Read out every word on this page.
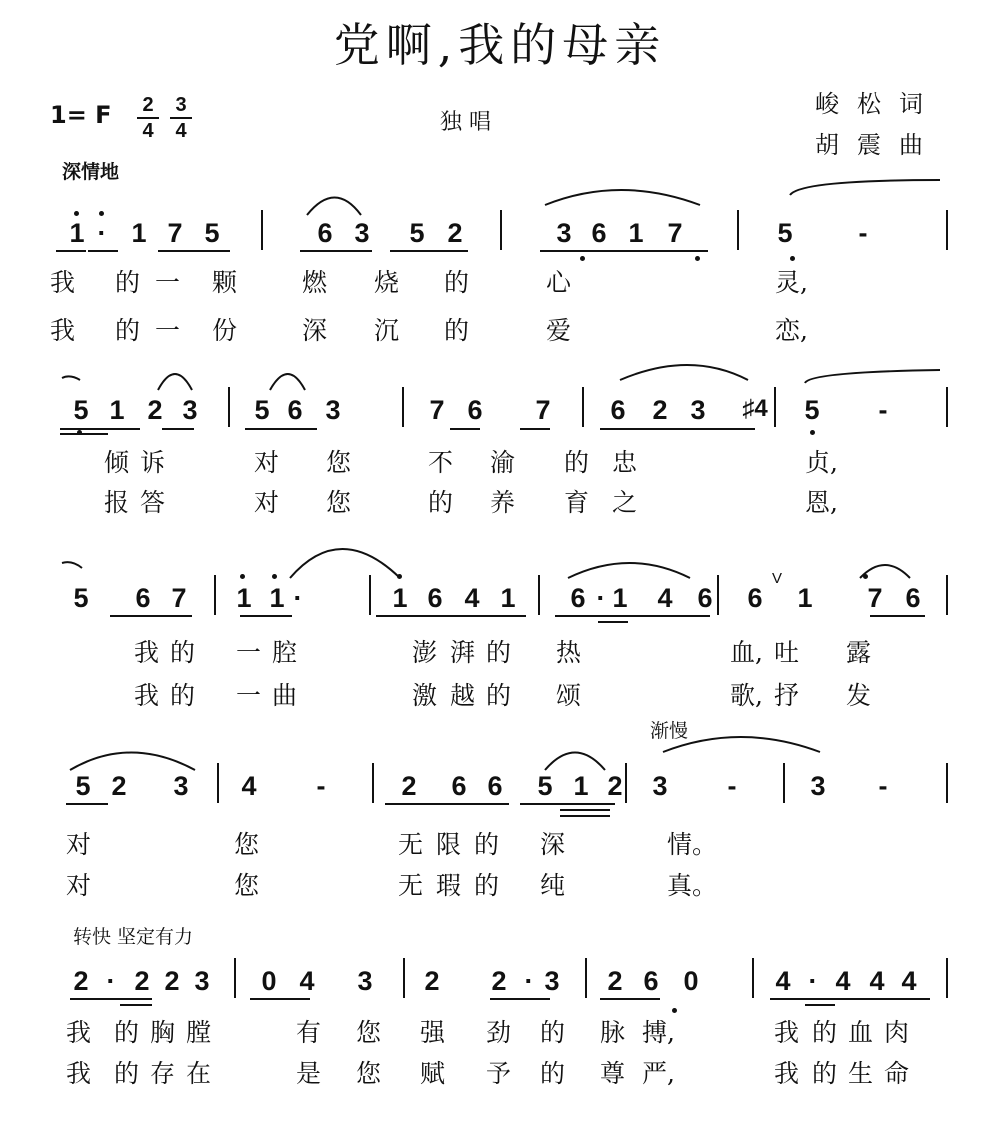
党啊,我的母亲
1= F 2
4
3
4	独 唱
峻松词
胡震曲
深情地
渐慢
转快 坚定有力
V
1 · 1 7 5	6 3 5 2	3 6 1 7	5	-
5 1 2 3 5 6 3	7 6 7 6 2 3	♯4 5	-
5 6 7 1 1 ·	1 6 4 1 6 · 1 4 6 6 1 7 6
5 2 3 4	-	2 6 6 5 1 2 3	-	3	-
2 · 2 2 3 0 4 3 2 2 · 3 2 6 0	4 · 4 4 4
我 的 一 颗	燃 烧 的	心	灵,
我 的 一 份	深 沉 的	爱	恋,
倾 诉	对 您	不 渝 的 忠	贞,
报 答	对 您	的 养 育 之	恩,
我 的 一 腔	澎 湃 的 热	血, 吐 露
我 的 一 曲	激 越 的 颂	歌, 抒 发
对	您	无 限 的 深	情。
对	您	无 瑕 的 纯	真。
我 的 胸 膛	有 您 强 劲 的 脉 搏,	我 的 血 肉
我 的 存 在	是 您 赋 予 的 尊 严,	我 的 生 命
